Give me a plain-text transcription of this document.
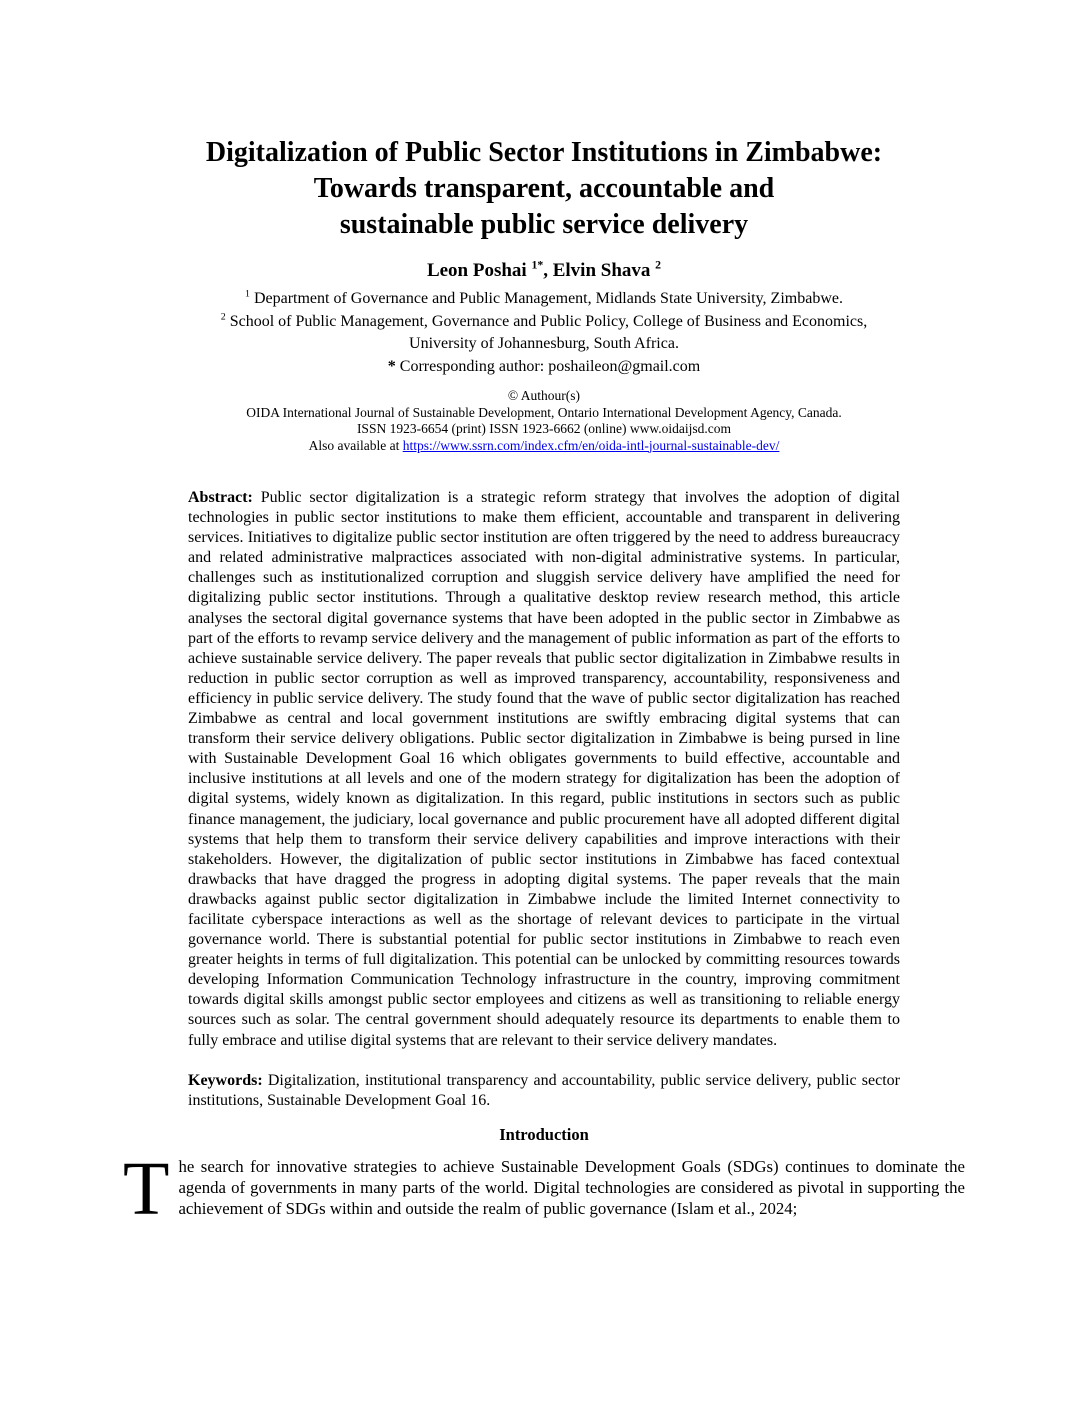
Digitalization of Public Sector Institutions in Zimbabwe:
Towards transparent, accountable and
sustainable public service delivery
Leon Poshai $^{1*}$, Elvin Shava $^2$
$^1$ Department of Governance and Public Management, Midlands State University, Zimbabwe.
$^2$ School of Public Management, Governance and Public Policy, College of Business and Economics,
University of Johannesburg, South Africa.
* Corresponding author: poshaileon@gmail.com
© Authour(s)
OIDA International Journal of Sustainable Development, Ontario International Development Agency, Canada.
ISSN 1923-6654 (print) ISSN 1923-6662 (online) www.oidaijsd.com
Also available at https://www.ssrn.com/index.cfm/en/oida-intl-journal-sustainable-dev/

Abstract: Public sector digitalization is a strategic reform strategy that involves the adoption of digital technologies in public sector institutions to make them efficient, accountable and transparent in delivering services. Initiatives to digitalize public sector institution are often triggered by the need to address bureaucracy and related administrative malpractices associated with non-digital administrative systems. In particular, challenges such as institutionalized corruption and sluggish service delivery have amplified the need for digitalizing public sector institutions. Through a qualitative desktop review research method, this article analyses the sectoral digital governance systems that have been adopted in the public sector in Zimbabwe as part of the efforts to revamp service delivery and the management of public information as part of the efforts to achieve sustainable service delivery. The paper reveals that public sector digitalization in Zimbabwe results in reduction in public sector corruption as well as improved transparency, accountability, responsiveness and efficiency in public service delivery. The study found that the wave of public sector digitalization has reached Zimbabwe as central and local government institutions are swiftly embracing digital systems that can transform their service delivery obligations. Public sector digitalization in Zimbabwe is being pursed in line with Sustainable Development Goal 16 which obligates governments to build effective, accountable and inclusive institutions at all levels and one of the modern strategy for digitalization has been the adoption of digital systems, widely known as digitalization. In this regard, public institutions in sectors such as public finance management, the judiciary, local governance and public procurement have all adopted different digital systems that help them to transform their service delivery capabilities and improve interactions with their stakeholders. However, the digitalization of public sector institutions in Zimbabwe has faced contextual drawbacks that have dragged the progress in adopting digital systems. The paper reveals that the main drawbacks against public sector digitalization in Zimbabwe include the limited Internet connectivity to facilitate cyberspace interactions as well as the shortage of relevant devices to participate in the virtual governance world. There is substantial potential for public sector institutions in Zimbabwe to reach even greater heights in terms of full digitalization. This potential can be unlocked by committing resources towards developing Information Communication Technology infrastructure in the country, improving commitment towards digital skills amongst public sector employees and citizens as well as transitioning to reliable energy sources such as solar. The central government should adequately resource its departments to enable them to fully embrace and utilise digital systems that are relevant to their service delivery mandates.

Keywords: Digitalization, institutional transparency and accountability, public service delivery, public sector institutions, Sustainable Development Goal 16.

Introduction

The search for innovative strategies to achieve Sustainable Development Goals (SDGs) continues to dominate the agenda of governments in many parts of the world. Digital technologies are considered as pivotal in supporting the achievement of SDGs within and outside the realm of public governance (Islam et al., 2024;
